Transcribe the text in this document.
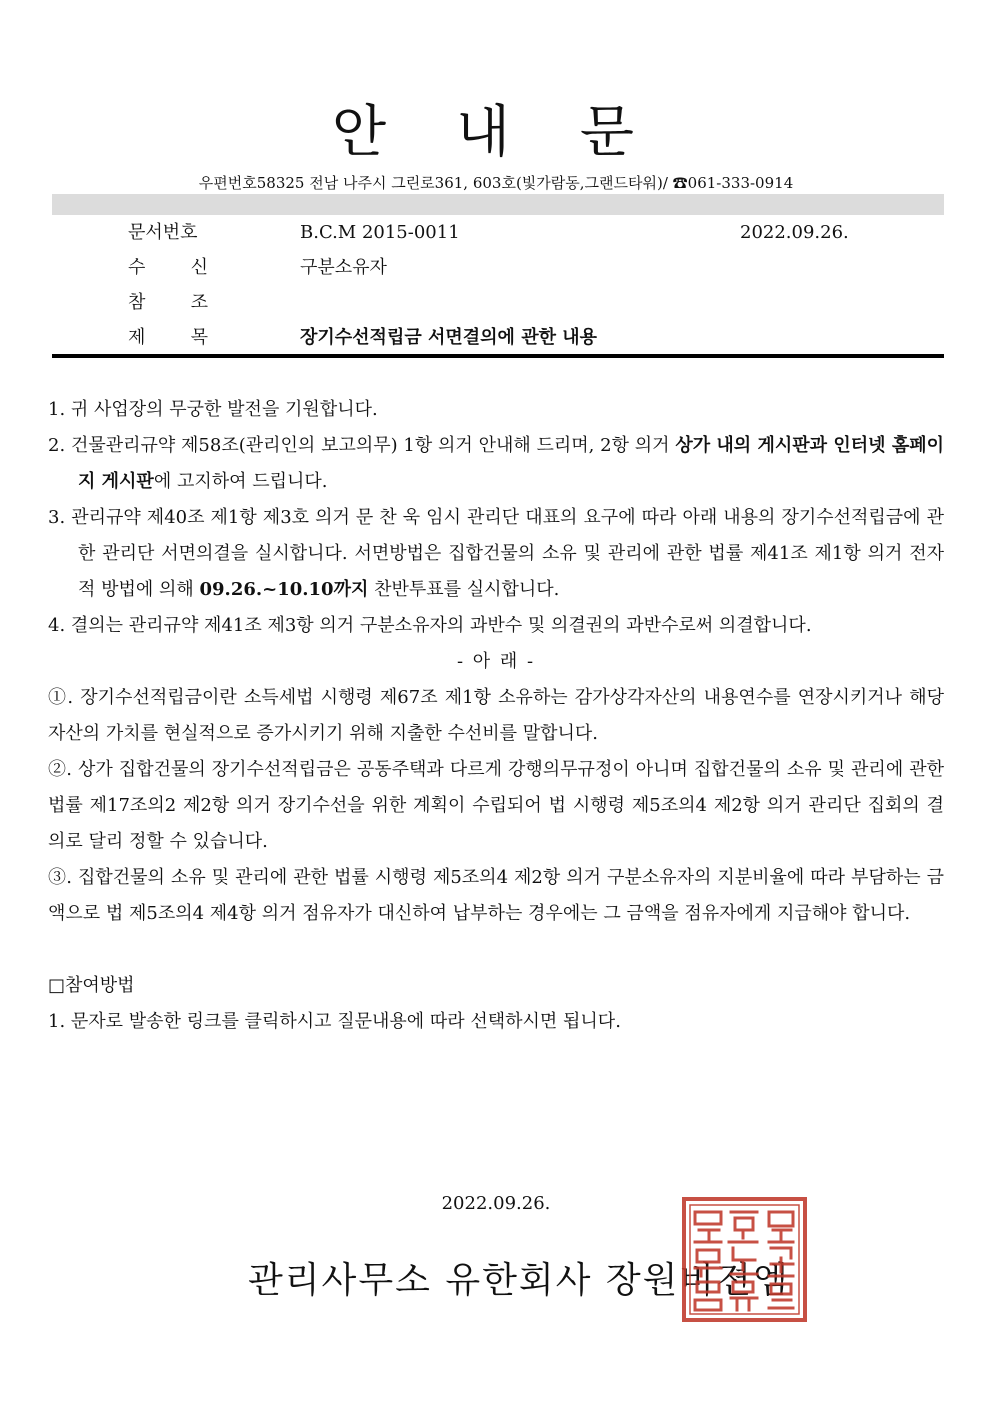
안 내 문
우편번호58325 전남 나주시 그린로361, 603호(빛가람동,그랜드타워)/ ☎061-333-0914
문서번호	B.C.M 2015-0011	2022.09.26.
수	신	구분소유자
참	조
제	목	장기수선적립금 서면결의에 관한 내용
1. 귀 사업장의 무궁한 발전을 기원합니다.
2. 건물관리규약 제58조(관리인의 보고의무) 1항 의거 안내해 드리며, 2항 의거 상가 내의 게시판과 인터넷 홈페이지 게시판에 고지하여 드립니다.
3. 관리규약 제40조 제1항 제3호 의거 문 찬 욱 임시 관리단 대표의 요구에 따라 아래 내용의 장기수선적립금에 관한 관리단 서면의결을 실시합니다. 서면방법은 집합건물의 소유 및 관리에 관한 법률 제41조 제1항 의거 전자적 방법에 의해 09.26.~10.10까지 찬반투표를 실시합니다.
4. 결의는 관리규약 제41조 제3항 의거 구분소유자의 과반수 및 의결권의 과반수로써 의결합니다.
- 아 래 -
①. 장기수선적립금이란 소득세법 시행령 제67조 제1항 소유하는 감가상각자산의 내용연수를 연장시키거나 해당 자산의 가치를 현실적으로 증가시키기 위해 지출한 수선비를 말합니다.
②. 상가 집합건물의 장기수선적립금은 공동주택과 다르게 강행의무규정이 아니며 집합건물의 소유 및 관리에 관한 법률 제17조의2 제2항 의거 장기수선을 위한 계획이 수립되어 법 시행령 제5조의4 제2항 의거 관리단 집회의 결의로 달리 정할 수 있습니다.
③. 집합건물의 소유 및 관리에 관한 법률 시행령 제5조의4 제2항 의거 구분소유자의 지분비율에 따라 부담하는 금액으로 법 제5조의4 제4항 의거 점유자가 대신하여 납부하는 경우에는 그 금액을 점유자에게 지급해야 합니다.
□참여방법
1. 문자로 발송한 링크를 클릭하시고 질문내용에 따라 선택하시면 됩니다.
2022.09.26.
관리사무소 유한회사 장원비젼엠
